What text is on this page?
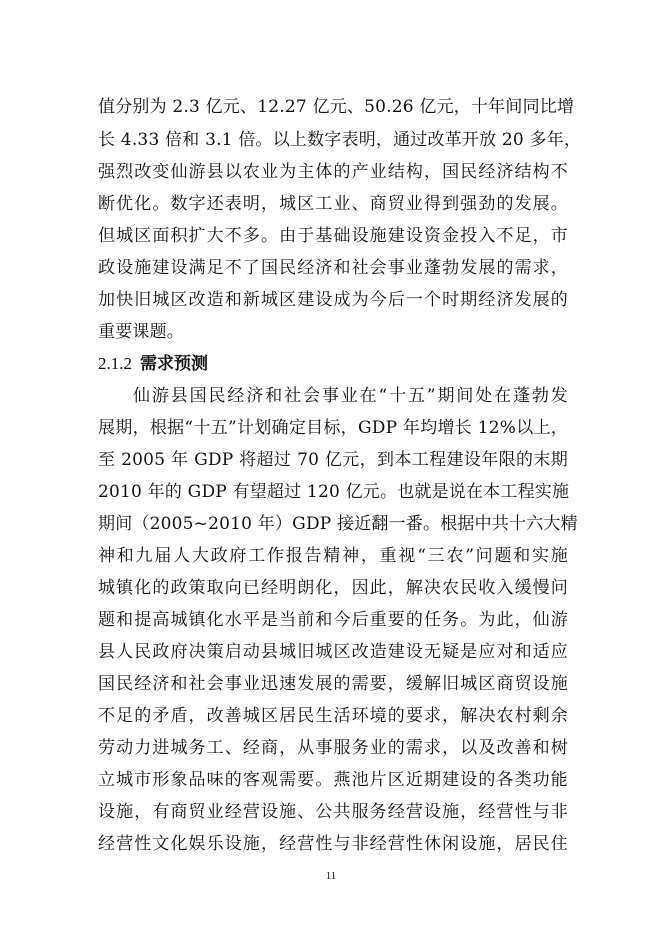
值分别为 2.3 亿元、12.27 亿元、50.26 亿元，十年间同比增
长 4.33 倍和 3.1 倍。以上数字表明，通过改革开放 20 多年，
强烈改变仙游县以农业为主体的产业结构，国民经济结构不
断优化。数字还表明，城区工业、商贸业得到强劲的发展。
但城区面积扩大不多。由于基础设施建设资金投入不足，市
政设施建设满足不了国民经济和社会事业蓬勃发展的需求，
加快旧城区改造和新城区建设成为今后一个时期经济发展的
重要课题。
2.1.2 需求预测
仙游县国民经济和社会事业在“十五”期间处在蓬勃发
展期，根据“十五”计划确定目标，GDP 年均增长 12%以上，
至 2005 年 GDP 将超过 70 亿元，到本工程建设年限的末期
2010 年的 GDP 有望超过 120 亿元。也就是说在本工程实施
期间（2005~2010 年）GDP 接近翻一番。根据中共十六大精
神和九届人大政府工作报告精神，重视“三农”问题和实施
城镇化的政策取向已经明朗化，因此，解决农民收入缓慢问
题和提高城镇化水平是当前和今后重要的任务。为此，仙游
县人民政府决策启动县城旧城区改造建设无疑是应对和适应
国民经济和社会事业迅速发展的需要，缓解旧城区商贸设施
不足的矛盾，改善城区居民生活环境的要求，解决农村剩余
劳动力进城务工、经商，从事服务业的需求，以及改善和树
立城市形象品味的客观需要。燕池片区近期建设的各类功能
设施，有商贸业经营设施、公共服务经营设施，经营性与非
经营性文化娱乐设施，经营性与非经营性休闲设施，居民住
11
